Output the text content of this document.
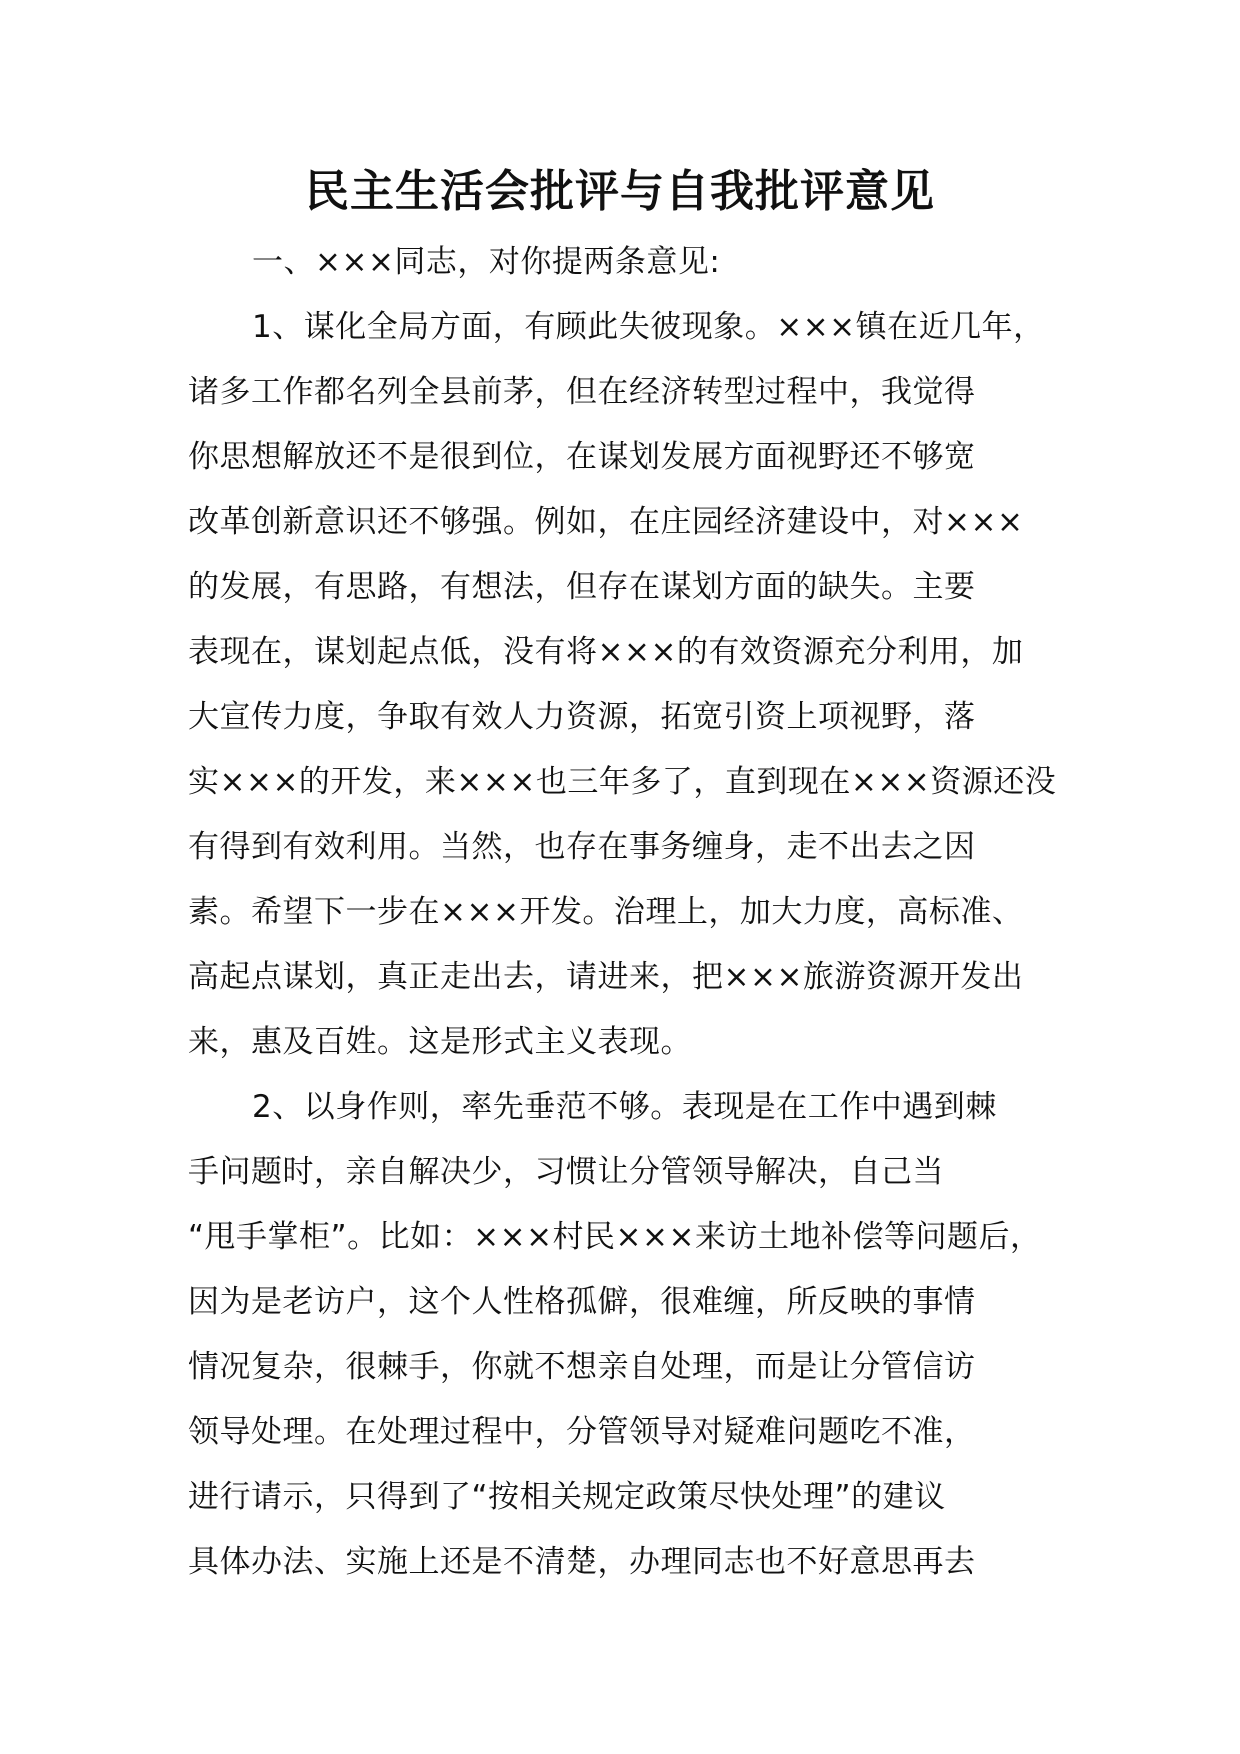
民主生活会批评与自我批评意见
一、×××同志，对你提两条意见:
1、谋化全局方面，有顾此失彼现象。×××镇在近几年，
诸多工作都名列全县前茅，但在经济转型过程中，我觉得
你思想解放还不是很到位，在谋划发展方面视野还不够宽
改革创新意识还不够强。例如，在庄园经济建设中，对×××
的发展，有思路，有想法，但存在谋划方面的缺失。主要
表现在，谋划起点低，没有将×××的有效资源充分利用，加
大宣传力度，争取有效人力资源，拓宽引资上项视野，落
实×××的开发，来×××也三年多了，直到现在×××资源还没
有得到有效利用。当然，也存在事务缠身，走不出去之因
素。希望下一步在×××开发。治理上，加大力度，高标准、
高起点谋划，真正走出去，请进来，把×××旅游资源开发出
来，惠及百姓。这是形式主义表现。
2、以身作则，率先垂范不够。表现是在工作中遇到棘
手问题时，亲自解决少，习惯让分管领导解决，自己当
“甩手掌柜”。比如：×××村民×××来访土地补偿等问题后，
因为是老访户，这个人性格孤僻，很难缠，所反映的事情
情况复杂，很棘手，你就不想亲自处理，而是让分管信访
领导处理。在处理过程中，分管领导对疑难问题吃不准，
进行请示，只得到了“按相关规定政策尽快处理”的建议
具体办法、实施上还是不清楚，办理同志也不好意思再去
